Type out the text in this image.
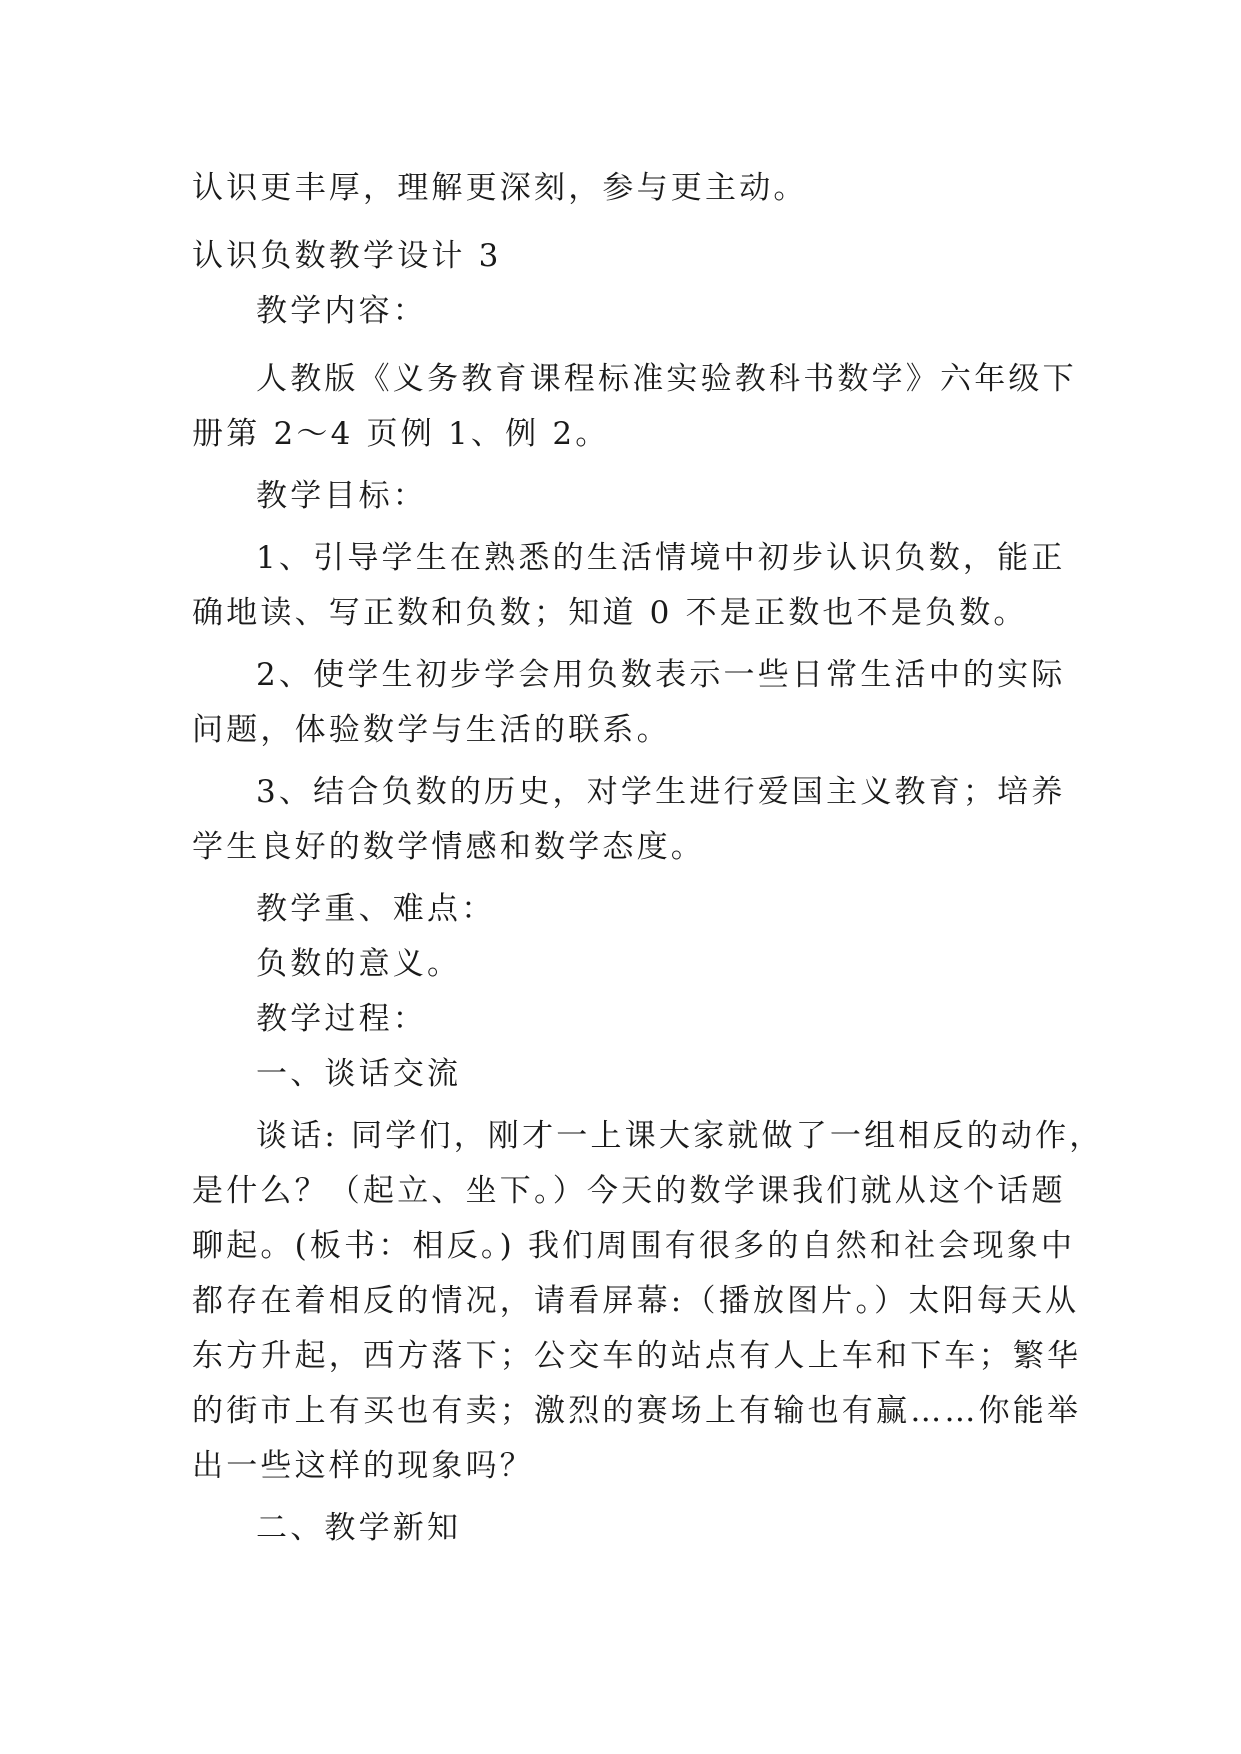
认识更丰厚，理解更深刻，参与更主动。

认识负数教学设计 3

教学内容：

人教版《义务教育课程标准实验教科书数学》六年级下

册第 2～4 页例 1、例 2。

教学目标：

1、引导学生在熟悉的生活情境中初步认识负数，能正

确地读、写正数和负数；知道 0 不是正数也不是负数。

2、使学生初步学会用负数表示一些日常生活中的实际

问题，体验数学与生活的联系。

3、结合负数的历史，对学生进行爱国主义教育；培养

学生良好的数学情感和数学态度。

教学重、难点：

负数的意义。

教学过程：

一、谈话交流

谈话: 同学们，刚才一上课大家就做了一组相反的动作，

是什么？（起立、坐下。）今天的数学课我们就从这个话题

聊起。(板书：相反。) 我们周围有很多的自然和社会现象中

都存在着相反的情况，请看屏幕:（播放图片。）太阳每天从

东方升起，西方落下；公交车的站点有人上车和下车；繁华

的街市上有买也有卖；激烈的赛场上有输也有赢……你能举

出一些这样的现象吗？

二、教学新知
